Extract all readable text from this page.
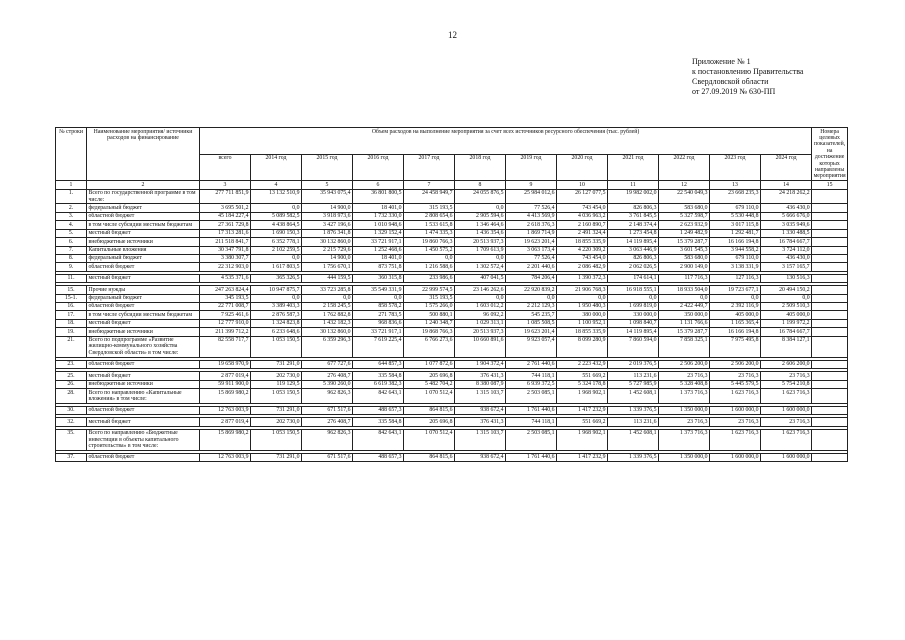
12
Приложение № 1
к постановлению Правительства
Свердловской области
от 27.09.2019 № 630-ПП
№ строки	Наименование мероприятия/ источники расходов на финансирование	Объем расходов на выполнение мероприятия за счет всех источников ресурсного обеспечения (тыс. рублей)												Номера целевых показателей, на достижение которых направлены мероприятия
		всего	2014 год	2015 год	2016 год	2017 год	2018 год	2019 год	2020 год	2021 год	2022 год	2023 год	2024 год	
1	2	3	4	5	6	7	8	9	10	11	12	13	14	15
1.	Всего по государственной программе в том числе:	277 711 851,9	13 132 510,9	35 943 075,4	36 801 800,5	24 458 949,7	24 055 876,5	25 984 012,6	26 127 077,5	19 982 002,0	22 540 049,3	23 668 235,3	24 218 262,2	
2.	федеральный бюджет	3 695 501,2	0,0	14 900,0	18 401,0	315 193,5	0,0	77 526,4	743 454,0	826 806,3	583 680,0	679 110,0	436 430,0	
3.	областной бюджет	45 184 227,4	5 089 582,5	3 918 973,6	1 732 330,0	2 808 654,6	2 905 594,6	4 413 569,9	4 036 963,2	3 761 845,5	5 327 598,7	5 530 448,8	5 666 676,0	
4.	в том числе субсидии местным бюджетам	27 361 729,8	4 438 864,5	3 427 196,6	1 010 948,6	1 533 615,8	1 346 464,6	2 618 376,3	2 160 890,7	2 148 374,4	2 623 932,9	3 017 115,8	3 035 949,6	
5.	местный бюджет	17 313 281,6	1 690 150,3	1 876 341,8	1 329 152,4	1 474 335,3	1 436 354,6	1 869 714,9	2 491 324,4	1 273 454,8	1 249 482,9	1 292 481,7	1 330 488,5	
6.	внебюджетные источники	211 518 841,7	6 352 778,1	30 132 860,0	33 721 917,1	19 860 766,3	20 513 937,3	19 623 201,4	18 855 335,9	14 119 895,4	15 379 287,7	16 166 194,8	16 784 667,7	
7.	Капитальные вложения	30 347 791,8	2 102 259,5	2 215 729,6	1 252 468,6	1 450 575,2	1 709 613,9	3 063 173,4	4 220 309,2	3 063 446,9	3 601 545,3	3 944 558,2	3 724 112,0	
8.	федеральный бюджет	3 380 307,7	0,0	14 900,0	18 401,0	0,0	0,0	77 526,4	743 454,0	826 806,3	583 680,0	679 110,0	436 430,0	
9.	областной бюджет	22 312 903,0	1 617 803,5	1 756 670,1	873 751,8	1 216 588,6	1 302 572,4	2 201 440,6	2 086 482,9	2 062 026,5	2 900 149,0	3 138 331,9	3 157 165,7	

11.	местный бюджет	4 535 371,6	365 326,5	444 159,5	360 315,8	233 986,6	407 041,5	784 206,4	1 390 372,3	174 614,1	117 716,3	127 116,3	130 516,3	

15.	Прочие нужды	247 263 824,4	10 947 875,7	33 723 285,8	35 549 331,9	22 999 574,5	23 146 262,6	22 920 839,2	21 906 768,3	16 918 555,1	18 933 504,0	19 723 677,1	20 494 150,2	
15-1.	федеральный бюджет	345 193,5	0,0	0,0	0,0	315 193,5	0,0	0,0	0,0	0,0	0,0	0,0	0,0	
16.	областной бюджет	22 771 008,7	3 389 403,3	2 158 245,5	858 578,2	1 575 266,0	1 603 012,2	2 212 129,3	1 950 480,3	1 699 819,0	2 422 449,7	2 392 116,9	2 509 510,3	
17.	в том числе субсидии местным бюджетам	7 925 461,6	2 876 587,3	1 762 882,8	271 783,5	500 880,1	96 092,2	545 235,7	380 000,0	330 000,0	350 000,0	405 000,0	405 000,0	
18.	местный бюджет	12 777 910,0	1 324 823,8	1 432 182,3	968 836,6	1 240 348,7	1 029 313,1	1 085 508,5	1 100 952,1	1 098 840,7	1 131 766,6	1 165 365,4	1 199 972,2	
19.	внебюджетные источники	211 399 712,2	6 233 648,6	30 132 860,0	33 721 917,1	19 868 766,3	20 513 937,3	19 623 201,4	18 855 335,9	14 119 895,4	15 379 287,7	16 166 194,8	16 784 667,7	
21.	Всего по подпрограмме «Развитие жилищно-коммунального хозяйства Свердловской области» в том числе:	82 558 717,7	1 053 150,5	6 359 296,3	7 619 225,4	6 766 273,6	10 660 891,6	9 923 057,4	8 099 280,9	7 860 594,0	7 858 325,1	7 975 495,8	8 384 127,1	

23.	областной бюджет	19 658 970,9	731 291,0	677 727,6	644 857,3	1 077 872,6	1 904 372,4	2 761 440,6	2 223 432,9	2 019 376,5	2 506 200,0	2 506 200,0	2 606 200,0	

25.	местный бюджет	2 877 019,4	202 730,0	276 408,7	335 584,8	205 696,8	376 431,3	744 118,1	551 669,2	113 231,6	23 716,3	23 716,3	23 716,3	
26.	внебюджетные источники	59 911 900,0	119 129,5	5 390 260,0	6 619 382,3	5 482 704,2	8 380 087,9	6 939 372,5	5 324 178,8	5 727 985,9	5 328 408,8	5 445 579,5	5 754 210,8	
28.	Всего по направлению «Капитальные вложения» в том числе:	15 869 980,2	1 053 150,5	962 826,3	842 643,1	1 070 512,4	1 315 103,7	2 503 085,1	1 968 902,1	1 452 608,1	1 373 716,3	1 623 716,3	1 623 716,3	

30.	областной бюджет	12 763 003,9	731 291,0	671 517,6	488 657,3	864 815,6	938 672,4	1 761 440,6	1 417 232,9	1 339 376,5	1 350 000,0	1 600 000,0	1 600 000,0	

32.	местный бюджет	2 877 019,4	202 730,0	276 408,7	335 584,8	205 696,8	376 431,3	744 118,1	551 669,2	113 231,6	23 716,3	23 716,3	23 716,3	

35.	Всего по направлению «Бюджетные инвестиции в объекты капитального строительства» в том числе:	15 869 980,2	1 053 150,5	962 826,3	842 643,1	1 070 512,4	1 315 103,7	2 503 085,1	1 968 902,1	1 452 608,1	1 373 716,3	1 623 716,3	1 623 716,3	

37.	областной бюджет	12 763 003,9	731 291,0	671 517,6	488 657,3	864 815,6	938 672,4	1 761 440,6	1 417 232,9	1 339 376,5	1 350 000,0	1 600 000,0	1 600 000,0	
